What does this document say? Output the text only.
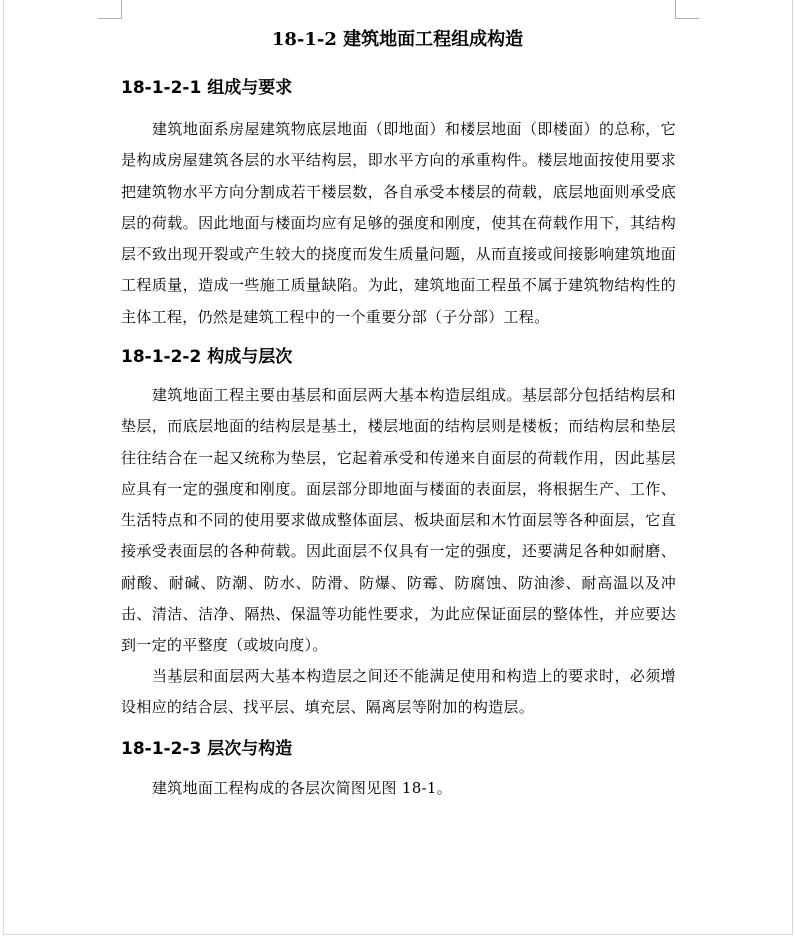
18-1-2 建筑地面工程组成构造
18-1-2-1 组成与要求

建筑地面系房屋建筑物底层地面（即地面）和楼层地面（即楼面）的总称，它是构成房屋建筑各层的水平结构层，即水平方向的承重构件。楼层地面按使用要求把建筑物水平方向分割成若干楼层数，各自承受本楼层的荷载，底层地面则承受底层的荷载。因此地面与楼面均应有足够的强度和刚度，使其在荷载作用下，其结构层不致出现开裂或产生较大的挠度而发生质量问题，从而直接或间接影响建筑地面工程质量，造成一些施工质量缺陷。为此，建筑地面工程虽不属于建筑物结构性的主体工程，仍然是建筑工程中的一个重要分部（子分部）工程。

18-1-2-2 构成与层次

建筑地面工程主要由基层和面层两大基本构造层组成。基层部分包括结构层和垫层，而底层地面的结构层是基土，楼层地面的结构层则是楼板；而结构层和垫层往往结合在一起又统称为垫层，它起着承受和传递来自面层的荷载作用，因此基层应具有一定的强度和刚度。面层部分即地面与楼面的表面层，将根据生产、工作、生活特点和不同的使用要求做成整体面层、板块面层和木竹面层等各种面层，它直接承受表面层的各种荷载。因此面层不仅具有一定的强度，还要满足各种如耐磨、耐酸、耐碱、防潮、防水、防滑、防爆、防霉、防腐蚀、防油渗、耐高温以及冲击、清洁、洁净、隔热、保温等功能性要求，为此应保证面层的整体性，并应要达到一定的平整度（或坡向度）。

当基层和面层两大基本构造层之间还不能满足使用和构造上的要求时，必须增设相应的结合层、找平层、填充层、隔离层等附加的构造层。

18-1-2-3 层次与构造

建筑地面工程构成的各层次简图见图 18-1。
